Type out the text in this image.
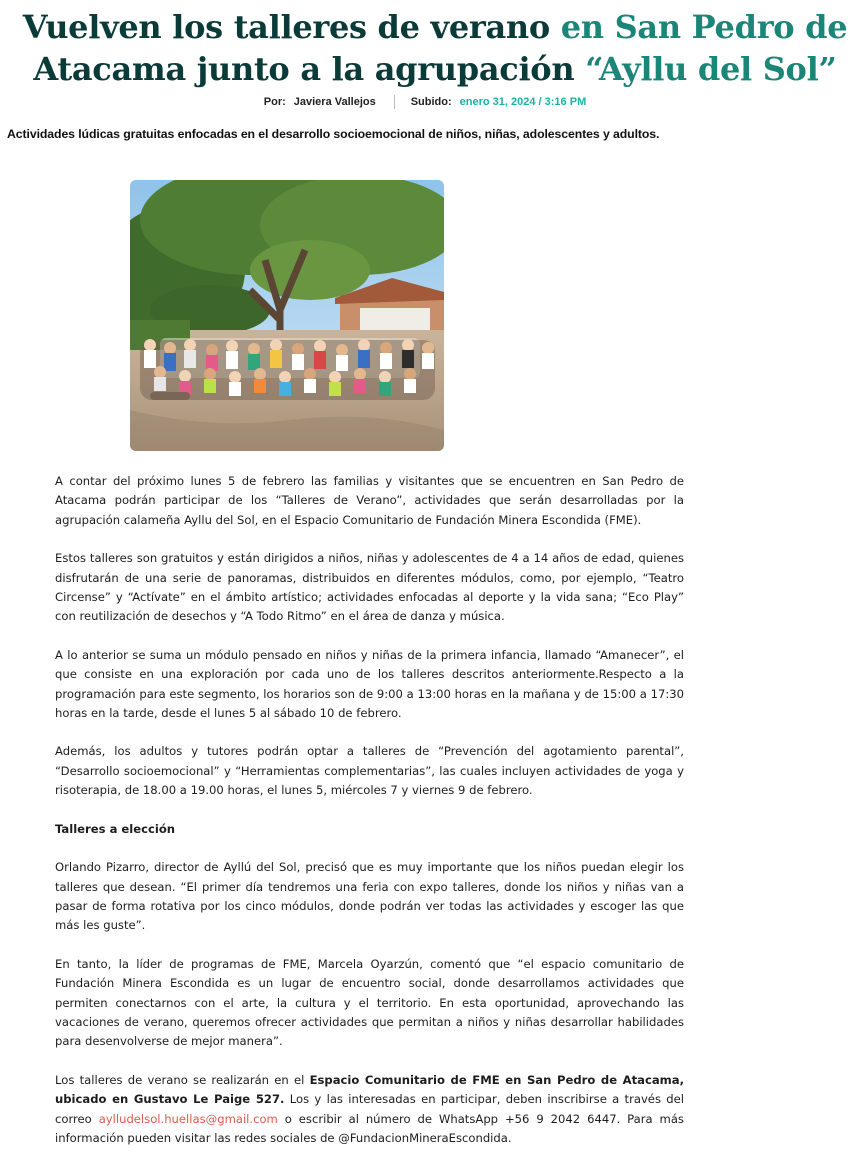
Vuelven los talleres de verano en San Pedro de
Atacama junto a la agrupación “Ayllu del Sol”
Por: Javiera Vallejos	Subido: enero 31, 2024 / 3:16 PM
Actividades lúdicas gratuitas enfocadas en el desarrollo socioemocional de niños, niñas, adolescentes y adultos.

A contar del próximo lunes 5 de febrero las familias y visitantes que se encuentren en San Pedro de Atacama podrán participar de los “Talleres de Verano”, actividades que serán desarrolladas por la agrupación calameña Ayllu del Sol, en el Espacio Comunitario de Fundación Minera Escondida (FME).

Estos talleres son gratuitos y están dirigidos a niños, niñas y adolescentes de 4 a 14 años de edad, quienes disfrutarán de una serie de panoramas, distribuidos en diferentes módulos, como, por ejemplo, “Teatro Circense” y “Actívate” en el ámbito artístico; actividades enfocadas al deporte y la vida sana; “Eco Play” con reutilización de desechos y “A Todo Ritmo” en el área de danza y música.

A lo anterior se suma un módulo pensado en niños y niñas de la primera infancia, llamado “Amanecer”, el que consiste en una exploración por cada uno de los talleres descritos anteriormente.Respecto a la programación para este segmento, los horarios son de 9:00 a 13:00 horas en la mañana y de 15:00 a 17:30 horas en la tarde, desde el lunes 5 al sábado 10 de febrero.

Además, los adultos y tutores podrán optar a talleres de “Prevención del agotamiento parental”, “Desarrollo socioemocional” y “Herramientas complementarias”, las cuales incluyen actividades de yoga y risoterapia, de 18.00 a 19.00 horas, el lunes 5, miércoles 7 y viernes 9 de febrero.

Talleres a elección

Orlando Pizarro, director de Ayllú del Sol, precisó que es muy importante que los niños puedan elegir los talleres que desean. “El primer día tendremos una feria con expo talleres, donde los niños y niñas van a pasar de forma rotativa por los cinco módulos, donde podrán ver todas las actividades y escoger las que más les guste”.

En tanto, la líder de programas de FME, Marcela Oyarzún, comentó que “el espacio comunitario de Fundación Minera Escondida es un lugar de encuentro social, donde desarrollamos actividades que permiten conectarnos con el arte, la cultura y el territorio. En esta oportunidad, aprovechando las vacaciones de verano, queremos ofrecer actividades que permitan a niños y niñas desarrollar habilidades para desenvolverse de mejor manera”.

Los talleres de verano se realizarán en el Espacio Comunitario de FME en San Pedro de Atacama, ubicado en Gustavo Le Paige 527. Los y las interesadas en participar, deben inscribirse a través del correo aylludelsol.huellas@gmail.com o escribir al número de WhatsApp +56 9 2042 6447. Para más información pueden visitar las redes sociales de @FundacionMineraEscondida.
